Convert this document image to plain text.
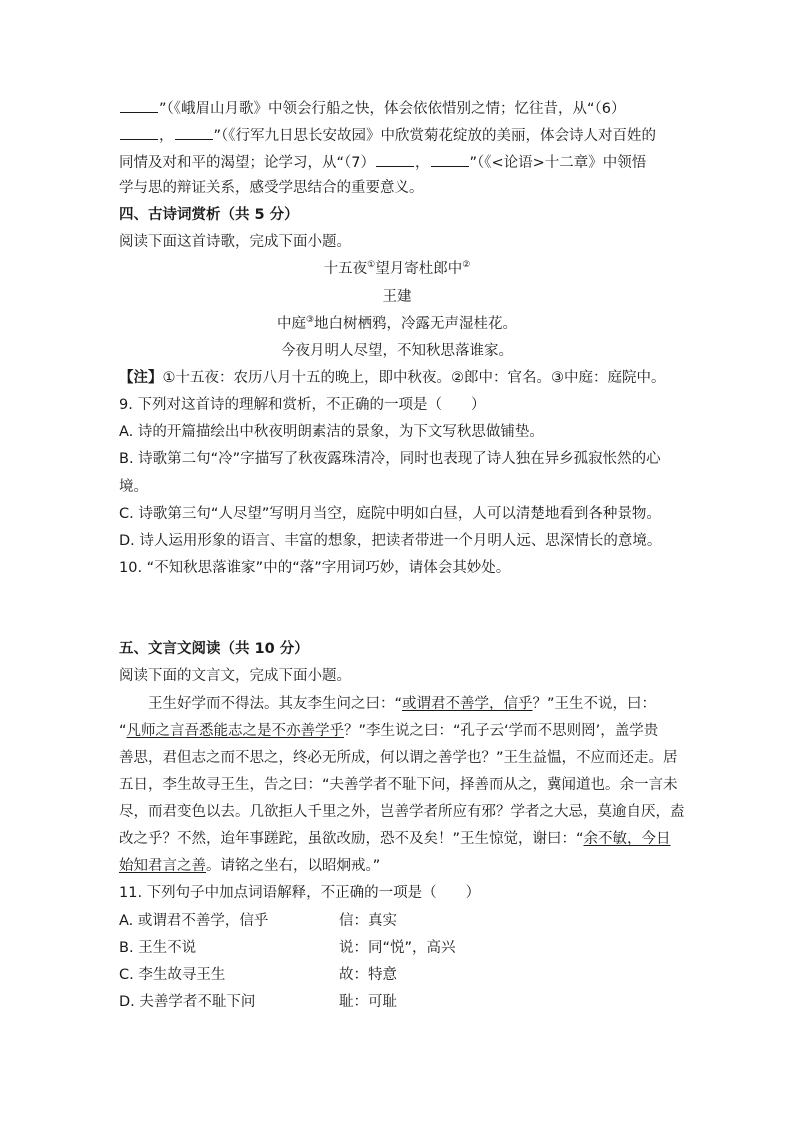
”（《峨眉山月歌》中领会行船之快，体会依依惜别之情；忆往昔，从“（6）
，	”（《行军九日思长安故园》中欣赏菊花绽放的美丽，体会诗人对百姓的
同情及对和平的渴望；论学习，从“（7）	，	”（《<论语>十二章》中领悟
学与思的辩证关系，感受学思结合的重要意义。
四、古诗词赏析（共 5 分）
阅读下面这首诗歌，完成下面小题。
十五夜①望月寄杜郎中②
王建
中庭③地白树栖鸦，冷露无声湿桂花。
今夜月明人尽望，不知秋思落谁家。
【注】①十五夜：农历八月十五的晚上，即中秋夜。②郎中：官名。③中庭：庭院中。
9. 下列对这首诗的理解和赏析，不正确的一项是（　　）
A. 诗的开篇描绘出中秋夜明朗素洁的景象，为下文写秋思做铺垫。
B. 诗歌第二句“冷”字描写了秋夜露珠清冷，同时也表现了诗人独在异乡孤寂怅然的心
境。
C. 诗歌第三句“人尽望”写明月当空，庭院中明如白昼，人可以清楚地看到各种景物。
D. 诗人运用形象的语言、丰富的想象，把读者带进一个月明人远、思深情长的意境。
10. “不知秋思落谁家”中的“落”字用词巧妙，请体会其妙处。
五、文言文阅读（共 10 分）
阅读下面的文言文，完成下面小题。
王生好学而不得法。其友李生问之曰：“或谓君不善学，信乎？”王生不说，曰：
“凡师之言吾悉能志之是不亦善学乎？”李生说之曰：“孔子云‘学而不思则罔’，盖学贵
善思，君但志之而不思之，终必无所成，何以谓之善学也？”王生益愠，不应而还走。居
五日，李生故寻王生，告之曰：“夫善学者不耻下问，择善而从之，冀闻道也。余一言未
尽，而君变色以去。几欲拒人千里之外，岂善学者所应有邪？学者之大忌，莫逾自厌，盍
改之乎？不然，迨年事蹉跎，虽欲改励，恐不及矣！”王生惊觉，谢曰：“余不敏，今日
始知君言之善。请铭之坐右，以昭炯戒。”
11. 下列句子中加点词语解释，不正确的一项是（　　）
A. 或谓君不善学，信乎	信：真实
B. 王生不说	说：同“悦”，高兴
C. 李生故寻王生	故：特意
D. 夫善学者不耻下问	耻：可耻
